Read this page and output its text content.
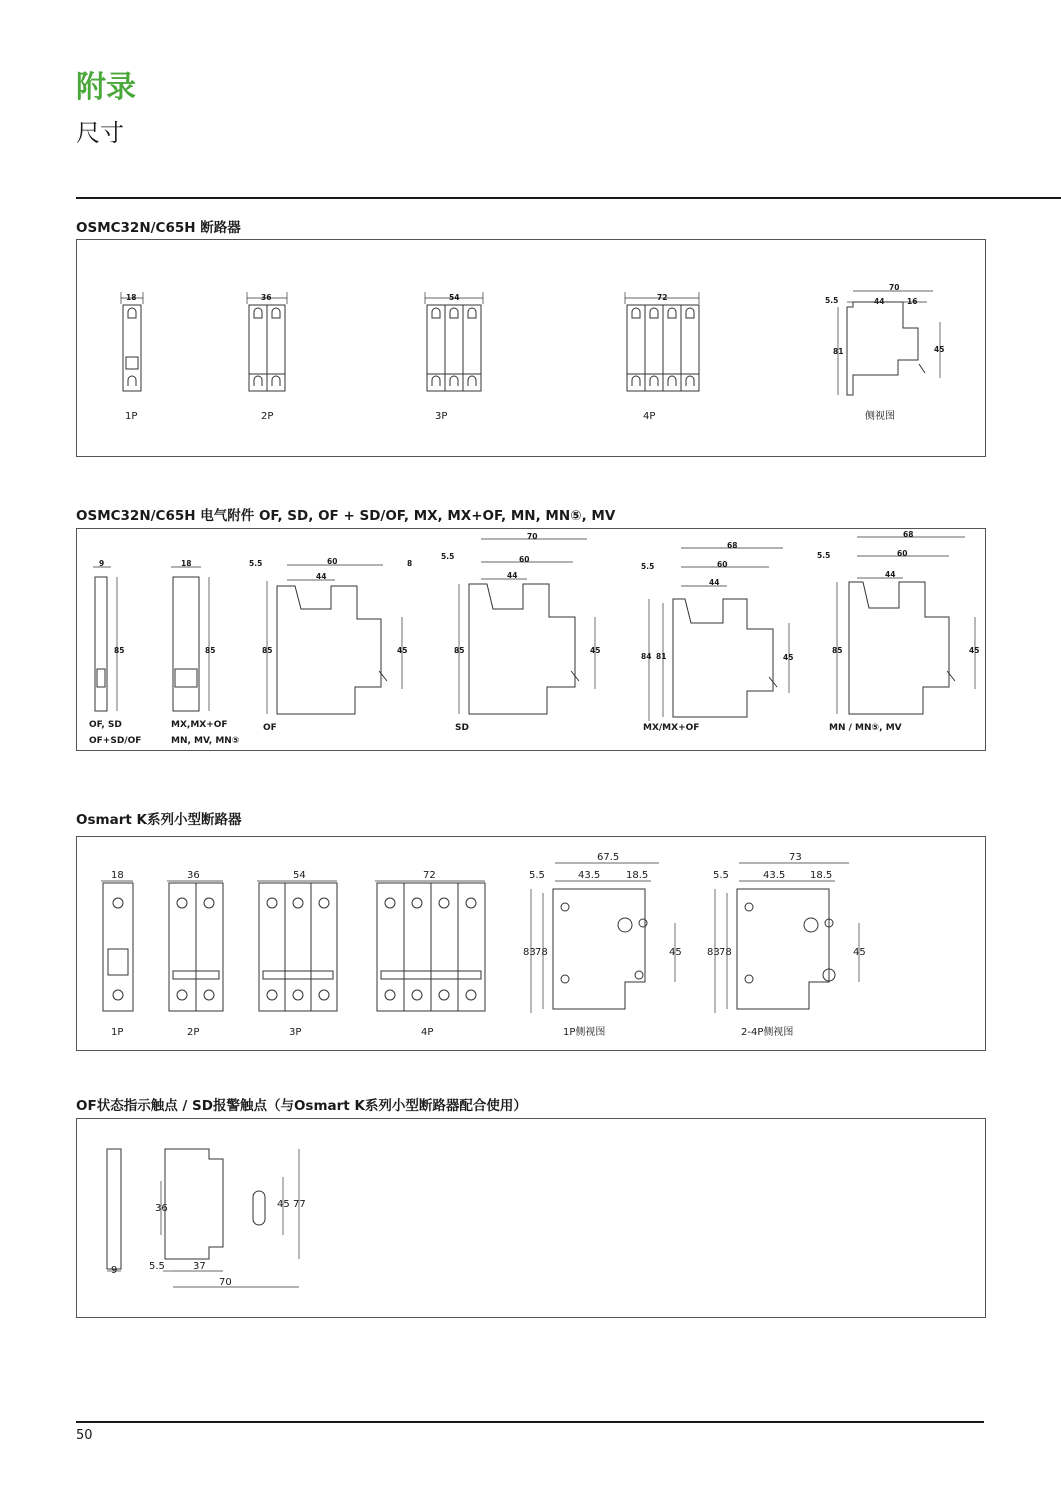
附录
尺寸
OSMC32N/C65H 断路器
18
1P
36
2P
54
3P
72
4P
70
5.5	44	16
81	45
侧视图
OSMC32N/C65H 电气附件 OF, SD, OF + SD/OF, MX, MX+OF, MN, MN⑤, MV
9
85
OF, SD
OF+SD/OF
18
85
MX,MX+OF
MN, MV, MN⑤
5.5	60	8
44
85	45
OF
70
5.5	60
44
85	45
SD
68
5.5	60
44
84 81	45
MX/MX+OF
68
5.5	60
44
85	45
MN / MN⑤, MV
Osmart K系列小型断路器
18
1P
36
2P
54
3P
72
4P
67.5
5.5	43.5	18.5
83 78	45
1P侧视图
73
5.5	43.5 18.5
83 78	45
2-4P侧视图
OF状态指示触点 / SD报警触点（与Osmart K系列小型断路器配合使用）
9
36	45 77
5.5	37
70
50
